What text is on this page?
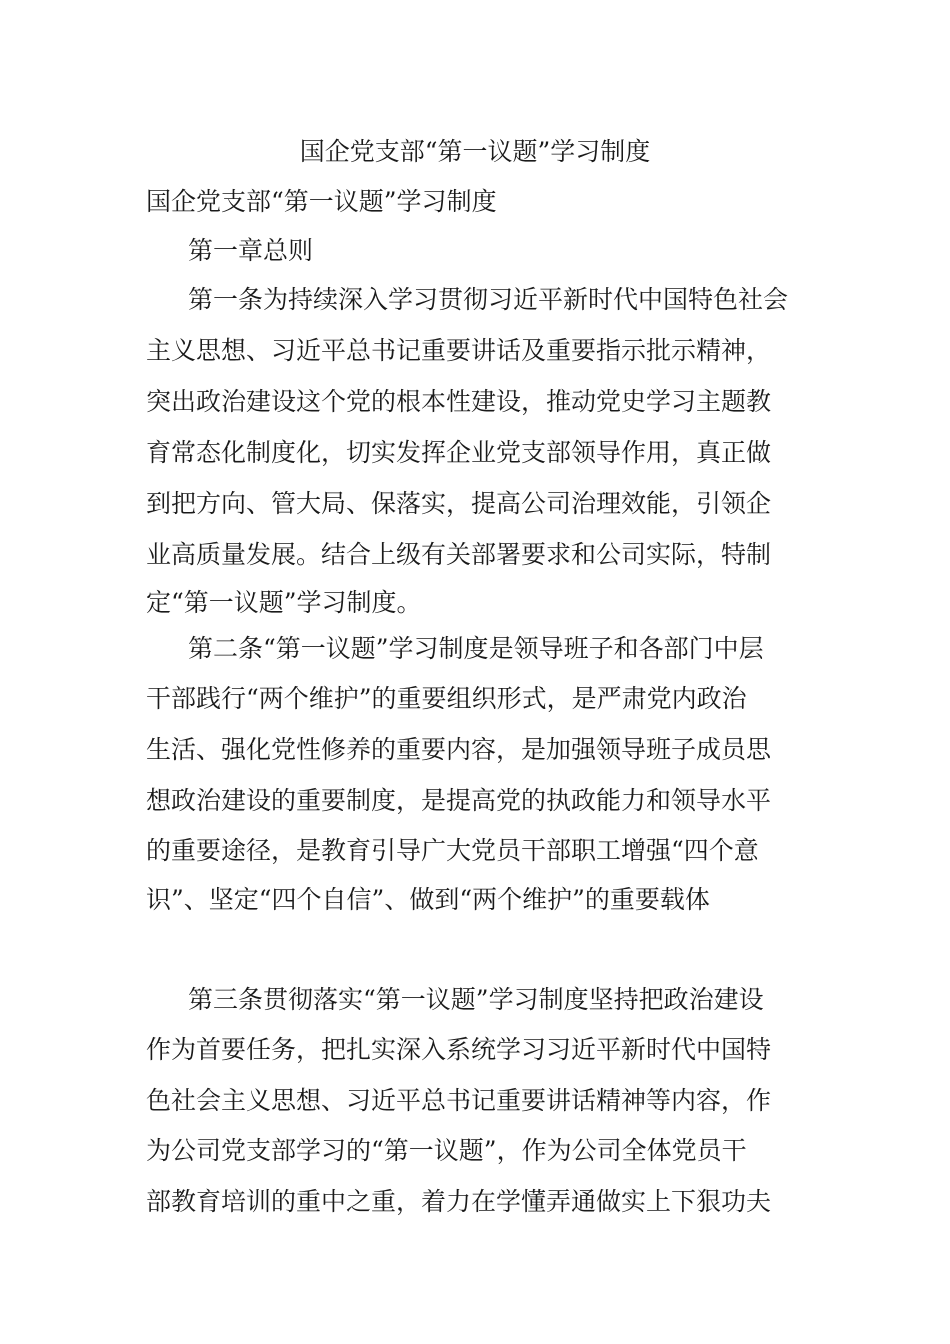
国企党支部“第一议题”学习制度
国企党支部“第一议题”学习制度
第一章总则
第一条为持续深入学习贯彻习近平新时代中国特色社会
主义思想、习近平总书记重要讲话及重要指示批示精神，
突出政治建设这个党的根本性建设，推动党史学习主题教
育常态化制度化，切实发挥企业党支部领导作用，真正做
到把方向、管大局、保落实，提高公司治理效能，引领企
业高质量发展。结合上级有关部署要求和公司实际，特制
定“第一议题”学习制度。
第二条“第一议题”学习制度是领导班子和各部门中层
干部践行“两个维护”的重要组织形式，是严肃党内政治
生活、强化党性修养的重要内容，是加强领导班子成员思
想政治建设的重要制度，是提高党的执政能力和领导水平
的重要途径，是教育引导广大党员干部职工增强“四个意
识”、坚定“四个自信”、做到“两个维护”的重要载体
第三条贯彻落实“第一议题”学习制度坚持把政治建设
作为首要任务，把扎实深入系统学习习近平新时代中国特
色社会主义思想、习近平总书记重要讲话精神等内容，作
为公司党支部学习的“第一议题”，作为公司全体党员干
部教育培训的重中之重，着力在学懂弄通做实上下狠功夫
